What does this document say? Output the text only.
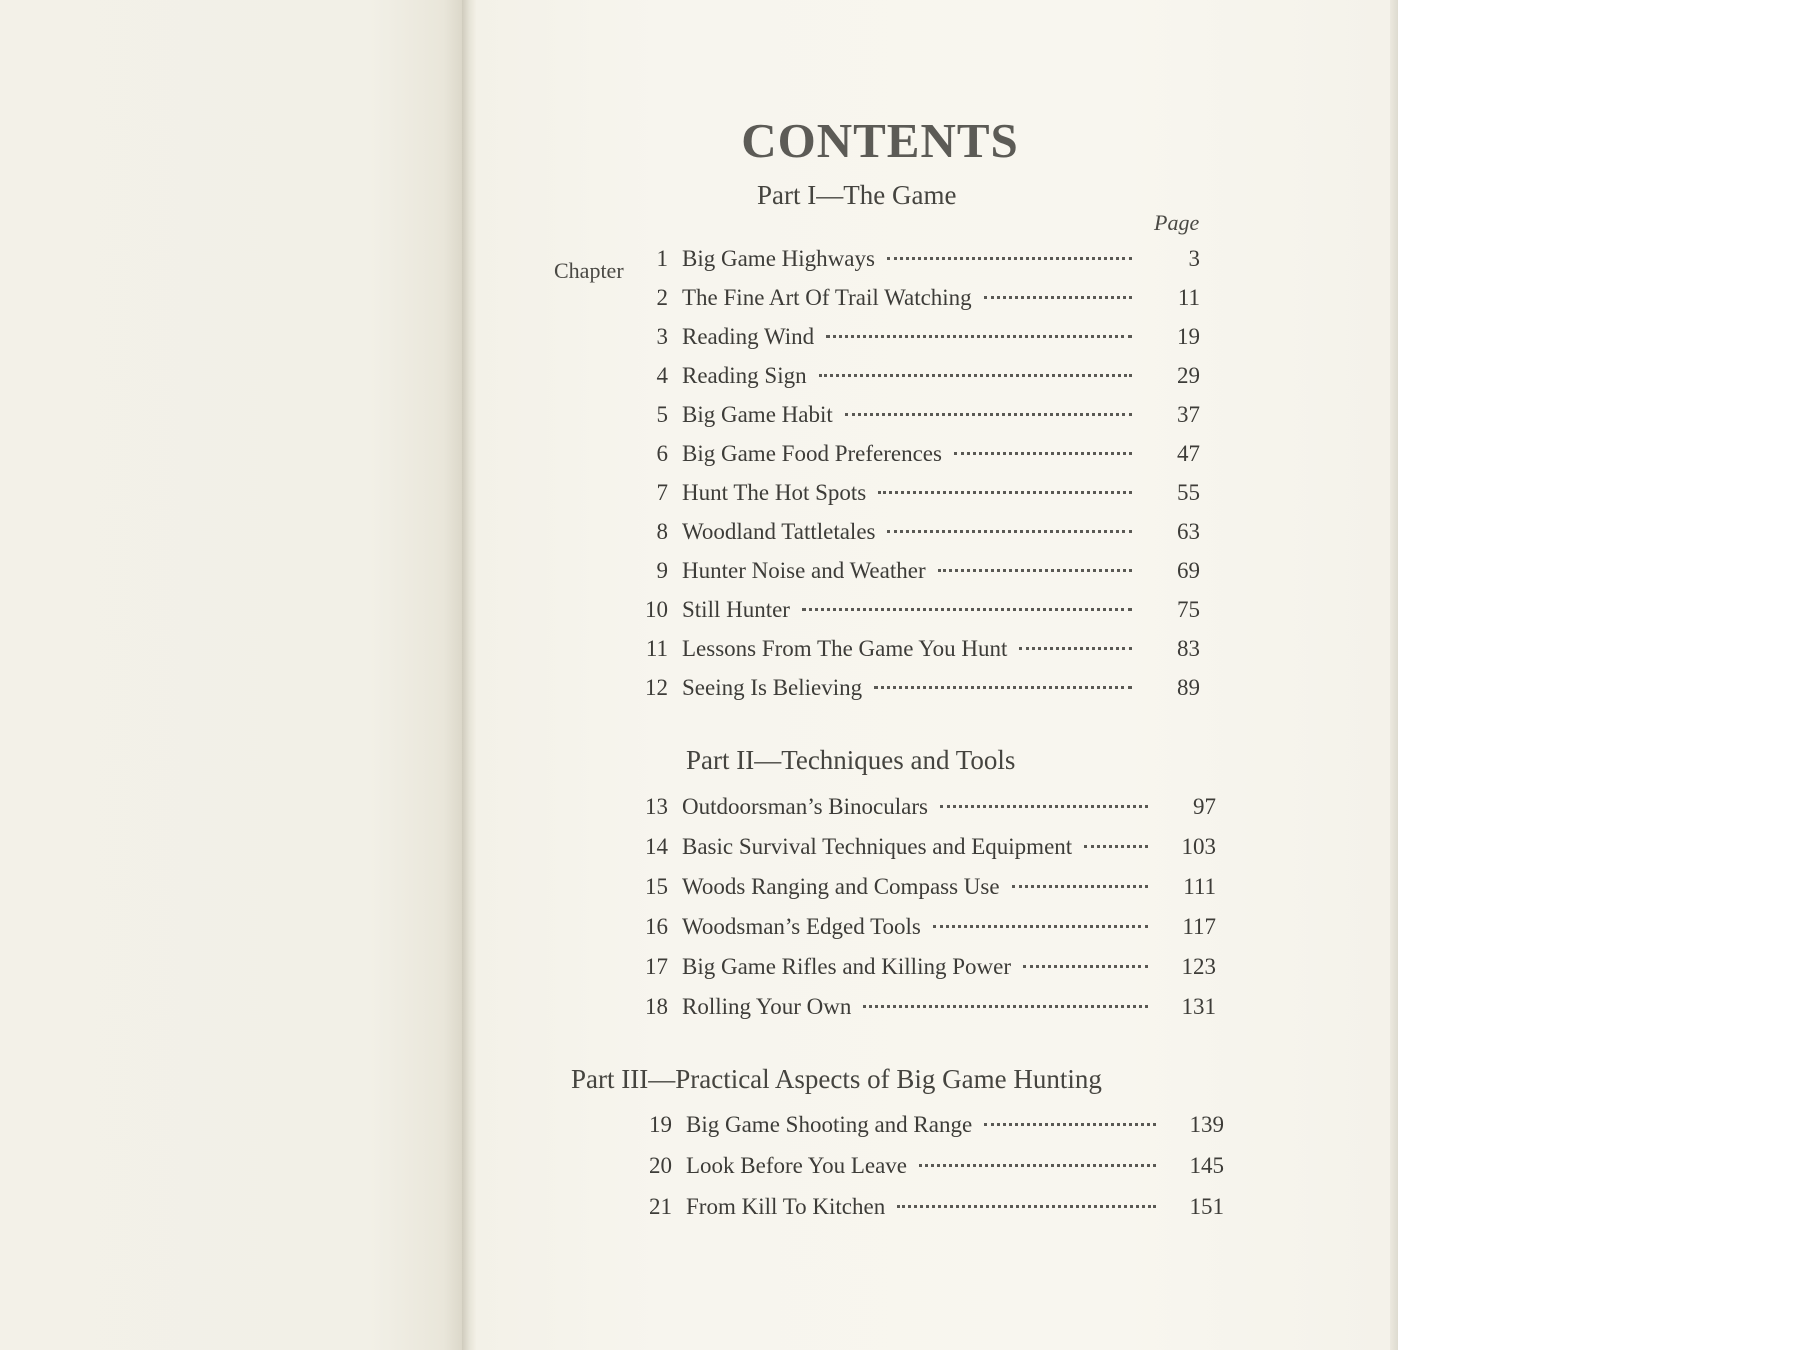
CONTENTS
Part I—The Game
Page
Chapter	1 Big Game Highways	3
2 The Fine Art Of Trail Watching	11
3 Reading Wind	19
4 Reading Sign	29
5 Big Game Habit	37
6 Big Game Food Preferences	47
7 Hunt The Hot Spots	55
8 Woodland Tattletales	63
9 Hunter Noise and Weather	69
10 Still Hunter	75
11 Lessons From The Game You Hunt	83
12 Seeing Is Believing	89
Part II—Techniques and Tools
13 Outdoorsman’s Binoculars	97
14 Basic Survival Techniques and Equipment	103
15 Woods Ranging and Compass Use	111
16 Woodsman’s Edged Tools	117
17 Big Game Rifles and Killing Power	123
18 Rolling Your Own	131
Part III—Practical Aspects of Big Game Hunting
19 Big Game Shooting and Range	139
20 Look Before You Leave	145
21 From Kill To Kitchen	151
